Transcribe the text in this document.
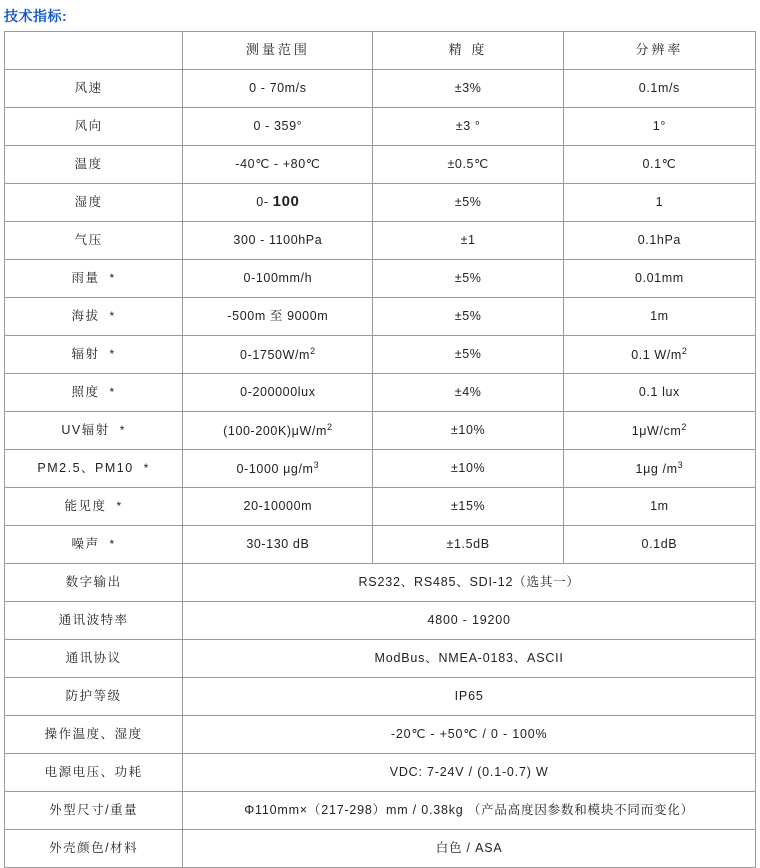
技术指标:
	测量范围	精 度	分辨率
风速	0 - 70m/s	±3%	0.1m/s
风向	0 - 359°	±3 °	1°
温度	-40℃ - +80℃	±0.5℃	0.1℃
湿度	0- 100	±5%	1
气压	300 - 1100hPa	±1	0.1hPa
雨量 *	0-100mm/h	±5%	0.01mm
海拔 *	-500m 至 9000m	±5%	1m
辐射 *	$0-1750W/m^2$	±5%	0.1 $W/m^2$
照度 *	0-200000lux	±4%	0.1 lux
UV辐射 *	$(100-200K)\mu W/m^2$	±10%	$1\mu W/cm^2$
PM2.5、PM10 *	0-1000 $\mu g/m^3$	±10%	1μg $/m^3$
能见度 *	20-10000m	±15%	1m
噪声 *	30-130 dB	±1.5dB	0.1dB
数字输出	RS232、RS485、SDI-12（选其一）		
通讯波特率	4800 - 19200		
通讯协议	ModBus、NMEA-0183、ASCII		
防护等级	IP65		
操作温度、湿度	-20℃ - +50℃ / 0 - 100%		
电源电压、功耗	VDC: 7-24V / (0.1-0.7) W		
外型尺寸/重量	Φ110mm×（217-298）mm / 0.38kg （产品高度因参数和模块不同而变化）		
外壳颜色/材料	白色 / ASA		
